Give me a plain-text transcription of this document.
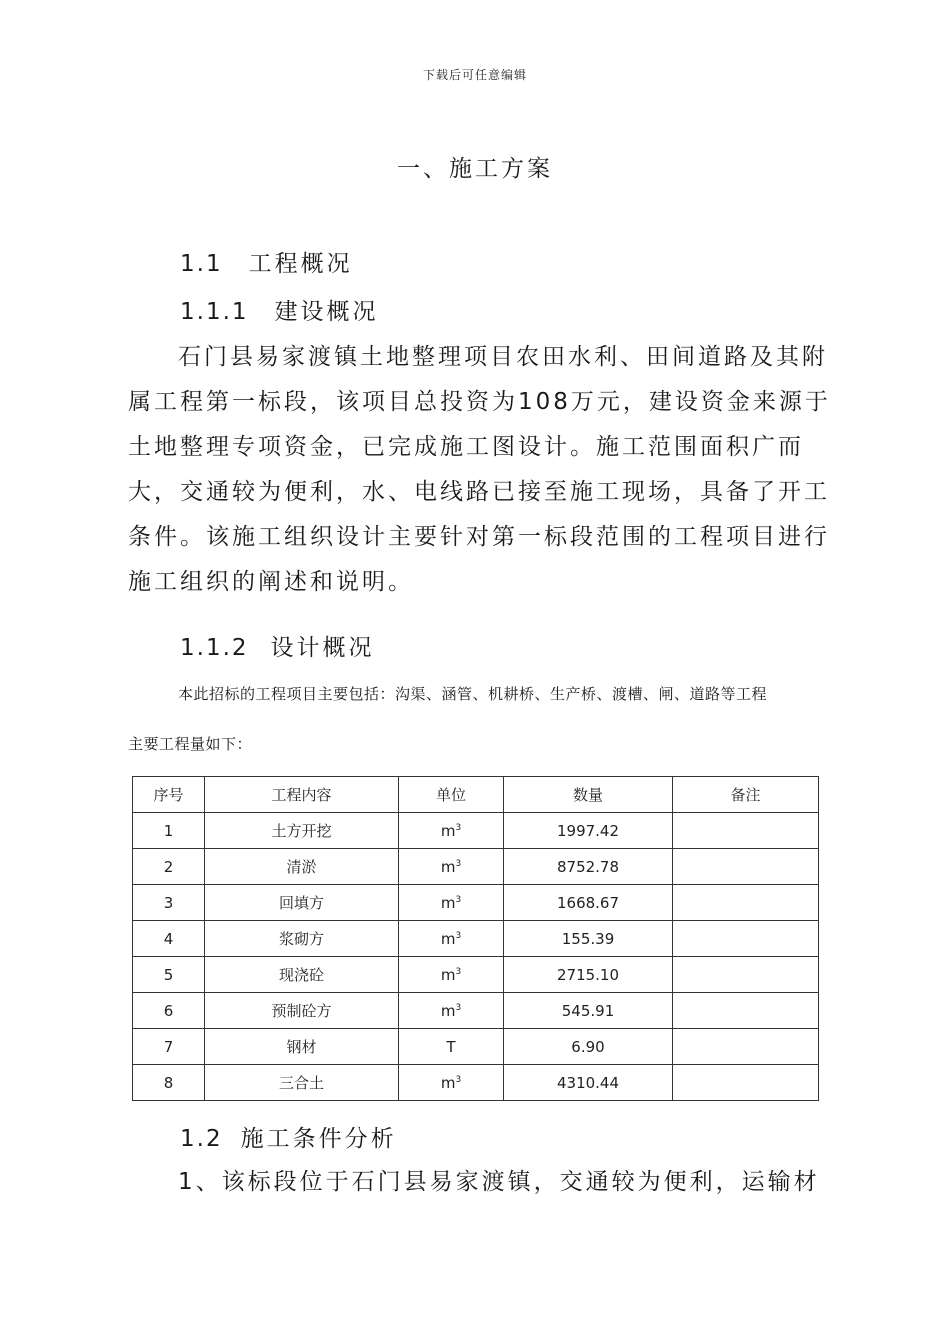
下载后可任意编辑
一、施工方案
1.1 工程概况
1.1.1 建设概况

石门县易家渡镇土地整理项目农田水利、田间道路及其附属工程第一标段，该项目总投资为108万元，建设资金来源于土地整理专项资金，已完成施工图设计。施工范围面积广而大，交通较为便利，水、电线路已接至施工现场，具备了开工条件。该施工组织设计主要针对第一标段范围的工程项目进行施工组织的阐述和说明。

1.1.2 设计概况

本此招标的工程项目主要包括：沟渠、涵管、机耕桥、生产桥、渡槽、闸、道路等工程

主要工程量如下：

序号	工程内容	单位	数量	备注
1	土方开挖	$m^3$	1997.42	
2	清淤	$m^3$	8752.78	
3	回填方	$m^3$	1668.67	
4	浆砌方	$m^3$	155.39	
5	现浇砼	$m^3$	2715.10	
6	预制砼方	$m^3$	545.91	
7	钢材	T	6.90	
8	三合土	$m^3$	4310.44	
1.2 施工条件分析

1、该标段位于石门县易家渡镇，交通较为便利，运输材
